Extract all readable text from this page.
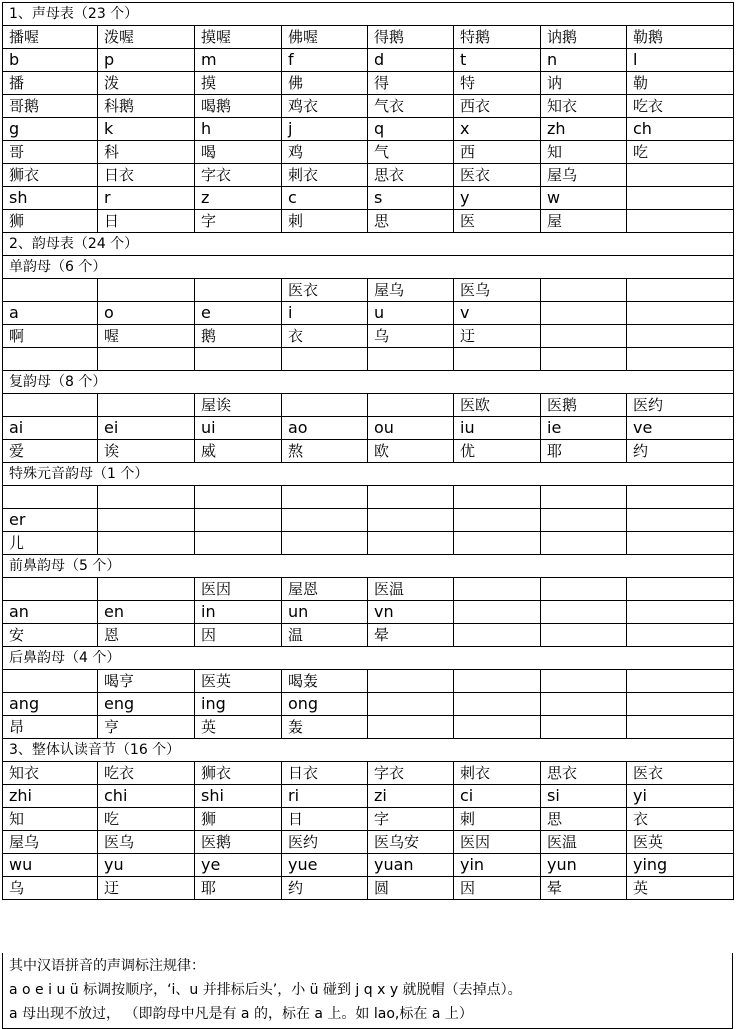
1、声母表（23 个）							
播喔	泼喔	摸喔	佛喔	得鹅	特鹅	讷鹅	勒鹅
b	p	m	f	d	t	n	l
播	泼	摸	佛	得	特	讷	勒
哥鹅	科鹅	喝鹅	鸡衣	气衣	西衣	知衣	吃衣
g	k	h	j	q	x	zh	ch
哥	科	喝	鸡	气	西	知	吃
狮衣	日衣	字衣	刺衣	思衣	医衣	屋乌	
sh	r	z	c	s	y	w	
狮	日	字	刺	思	医	屋	
2、韵母表（24 个）							
单韵母（6 个）							
			医衣	屋乌	医乌		
a	o	e	i	u	v		
啊	喔	鹅	衣	乌	迂		

复韵母（8 个）							
		屋诶			医欧	医鹅	医约
ai	ei	ui	ao	ou	iu	ie	ve
爱	诶	威	熬	欧	优	耶	约
特殊元音韵母（1 个）							

er							
儿							
前鼻韵母（5 个）							
		医因	屋恩	医温			
an	en	in	un	vn			
安	恩	因	温	晕			
后鼻韵母（4 个）							
	喝亨	医英	喝轰				
ang	eng	ing	ong				
昂	亨	英	轰				
3、整体认读音节（16 个）							
知衣	吃衣	狮衣	日衣	字衣	刺衣	思衣	医衣
zhi	chi	shi	ri	zi	ci	si	yi
知	吃	狮	日	字	刺	思	衣
屋乌	医乌	医鹅	医约	医乌安	医因	医温	医英
wu	yu	ye	yue	yuan	yin	yun	ying
乌	迂	耶	约	圆	因	晕	英
其中汉语拼音的声调标注规律：
a o e i u ü 标调按顺序，‘i、u 并排标后头’，小 ü 碰到 j q x y 就脱帽（去掉点）。
a 母出现不放过， （即韵母中凡是有 a 的，标在 a 上。如 lao,标在 a 上）
